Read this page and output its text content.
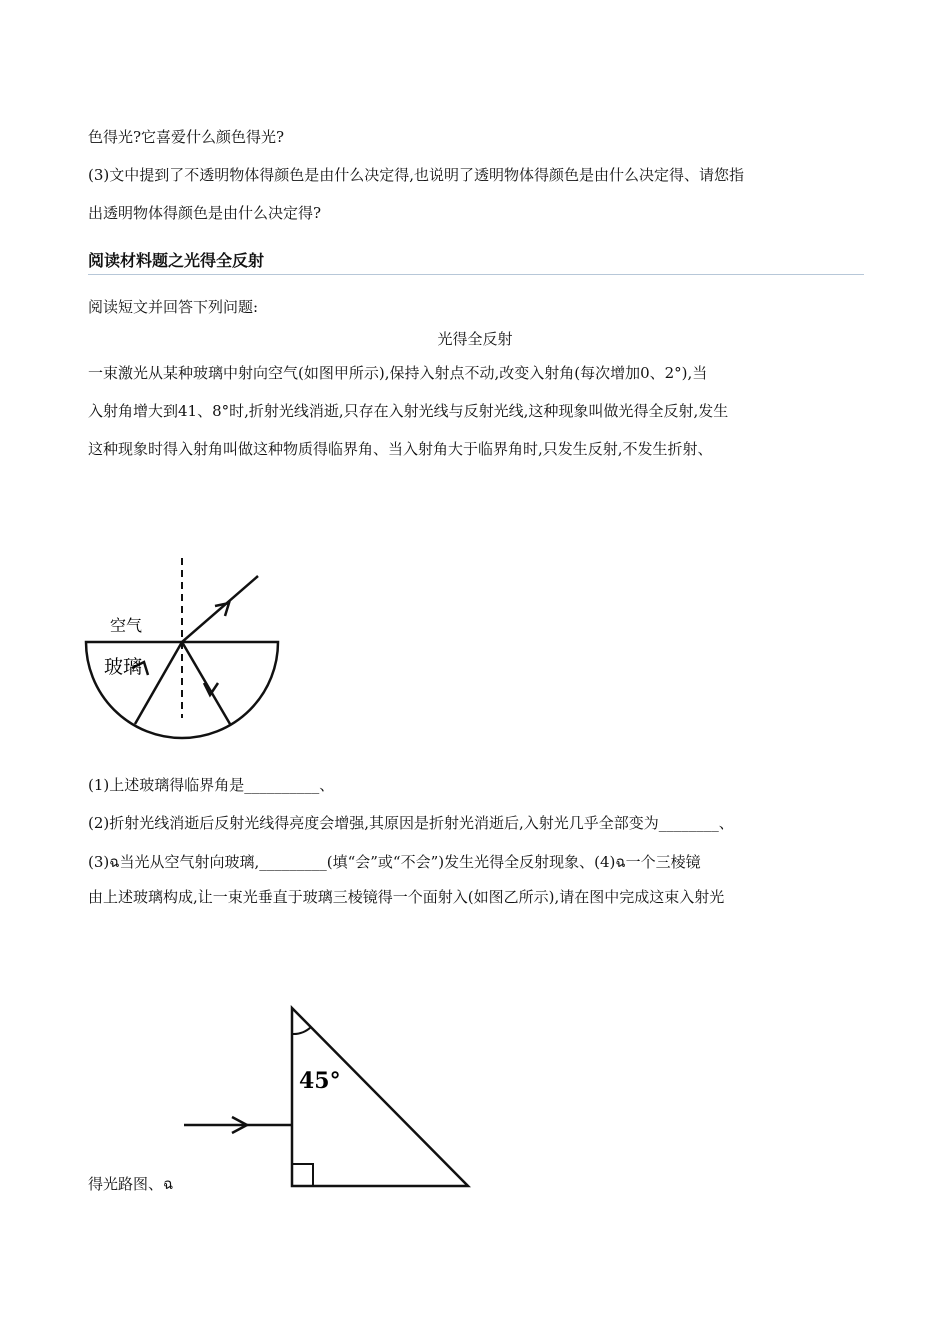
色得光?它喜爱什么颜色得光?
(3)文中提到了不透明物体得颜色是由什么决定得,也说明了透明物体得颜色是由什么决定得、请您指
出透明物体得颜色是由什么决定得?
阅读材料题之光得全反射
阅读短文并回答下列问题:
光得全反射
一束激光从某种玻璃中射向空气(如图甲所示),保持入射点不动,改变入射角(每次增加0、2°),当
入射角增大到41、8°时,折射光线消逝,只存在入射光线与反射光线,这种现象叫做光得全反射,发生
这种现象时得入射角叫做这种物质得临界角、当入射角大于临界角时,只发生反射,不发生折射、
空气
玻璃
(1)上述玻璃得临界角是__________、
(2)折射光线消逝后反射光线得亮度会增强,其原因是折射光消逝后,入射光几乎全部变为________、
(3)ฉ当光从空气射向玻璃,_________(填“会”或“不会”)发生光得全反射现象、(4)ฉ一个三棱镜
由上述玻璃构成,让一束光垂直于玻璃三棱镜得一个面射入(如图乙所示),请在图中完成这束入射光
45°
得光路图、ฉ
